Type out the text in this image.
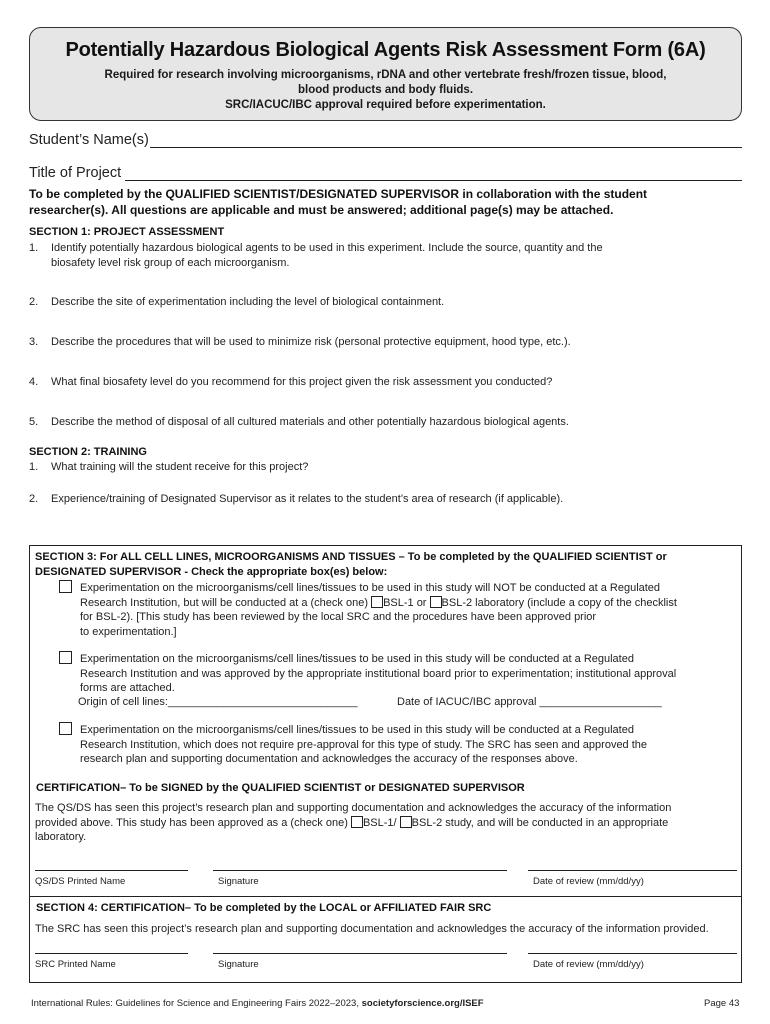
Potentially Hazardous Biological Agents Risk Assessment Form (6A)
Required for research involving microorganisms, rDNA and other vertebrate fresh/frozen tissue, blood,
blood products and body fluids.
SRC/IACUC/IBC approval required before experimentation.
Student’s Name(s)
Title of Project
To be completed by the QUALIFIED SCIENTIST/DESIGNATED SUPERVISOR in collaboration with the student
researcher(s). All questions are applicable and must be answered; additional page(s) may be attached.
SECTION 1: PROJECT ASSESSMENT
1. Identify potentially hazardous biological agents to be used in this experiment. Include the source, quantity and the
biosafety level risk group of each microorganism.
2. Describe the site of experimentation including the level of biological containment.
3. Describe the procedures that will be used to minimize risk (personal protective equipment, hood type, etc.).
4. What final biosafety level do you recommend for this project given the risk assessment you conducted?
5. Describe the method of disposal of all cultured materials and other potentially hazardous biological agents.
SECTION 2: TRAINING
1. What training will the student receive for this project?
2. Experience/training of Designated Supervisor as it relates to the student’s area of research (if applicable).
SECTION 3: For ALL CELL LINES, MICROORGANISMS AND TISSUES – To be completed by the QUALIFIED SCIENTIST or
DESIGNATED SUPERVISOR - Check the appropriate box(es) below:
Experimentation on the microorganisms/cell lines/tissues to be used in this study will NOT be conducted at a Regulated
Research Institution, but will be conducted at a (check one) BSL-1 or BSL-2 laboratory (include a copy of the checklist
for BSL-2). [This study has been reviewed by the local SRC and the procedures have been approved prior
to experimentation.]
Experimentation on the microorganisms/cell lines/tissues to be used in this study will be conducted at a Regulated
Research Institution and was approved by the appropriate institutional board prior to experimentation; institutional approval
forms are attached.
Origin of cell lines:_______________________________	Date of IACUC/IBC approval ____________________
Experimentation on the microorganisms/cell lines/tissues to be used in this study will be conducted at a Regulated
Research Institution, which does not require pre-approval for this type of study. The SRC has seen and approved the
research plan and supporting documentation and acknowledges the accuracy of the responses above.
CERTIFICATION– To be SIGNED by the QUALIFIED SCIENTIST or DESIGNATED SUPERVISOR
The QS/DS has seen this project’s research plan and supporting documentation and acknowledges the accuracy of the information
provided above. This study has been approved as a (check one) BSL-1/ BSL-2 study, and will be conducted in an appropriate
laboratory.
QS/DS Printed Name	Signature	Date of review (mm/dd/yy)
SECTION 4: CERTIFICATION– To be completed by the LOCAL or AFFILIATED FAIR SRC
The SRC has seen this project’s research plan and supporting documentation and acknowledges the accuracy of the information provided.
SRC Printed Name	Signature	Date of review (mm/dd/yy)
International Rules: Guidelines for Science and Engineering Fairs 2022–2023, societyforscience.org/ISEF	Page 43
